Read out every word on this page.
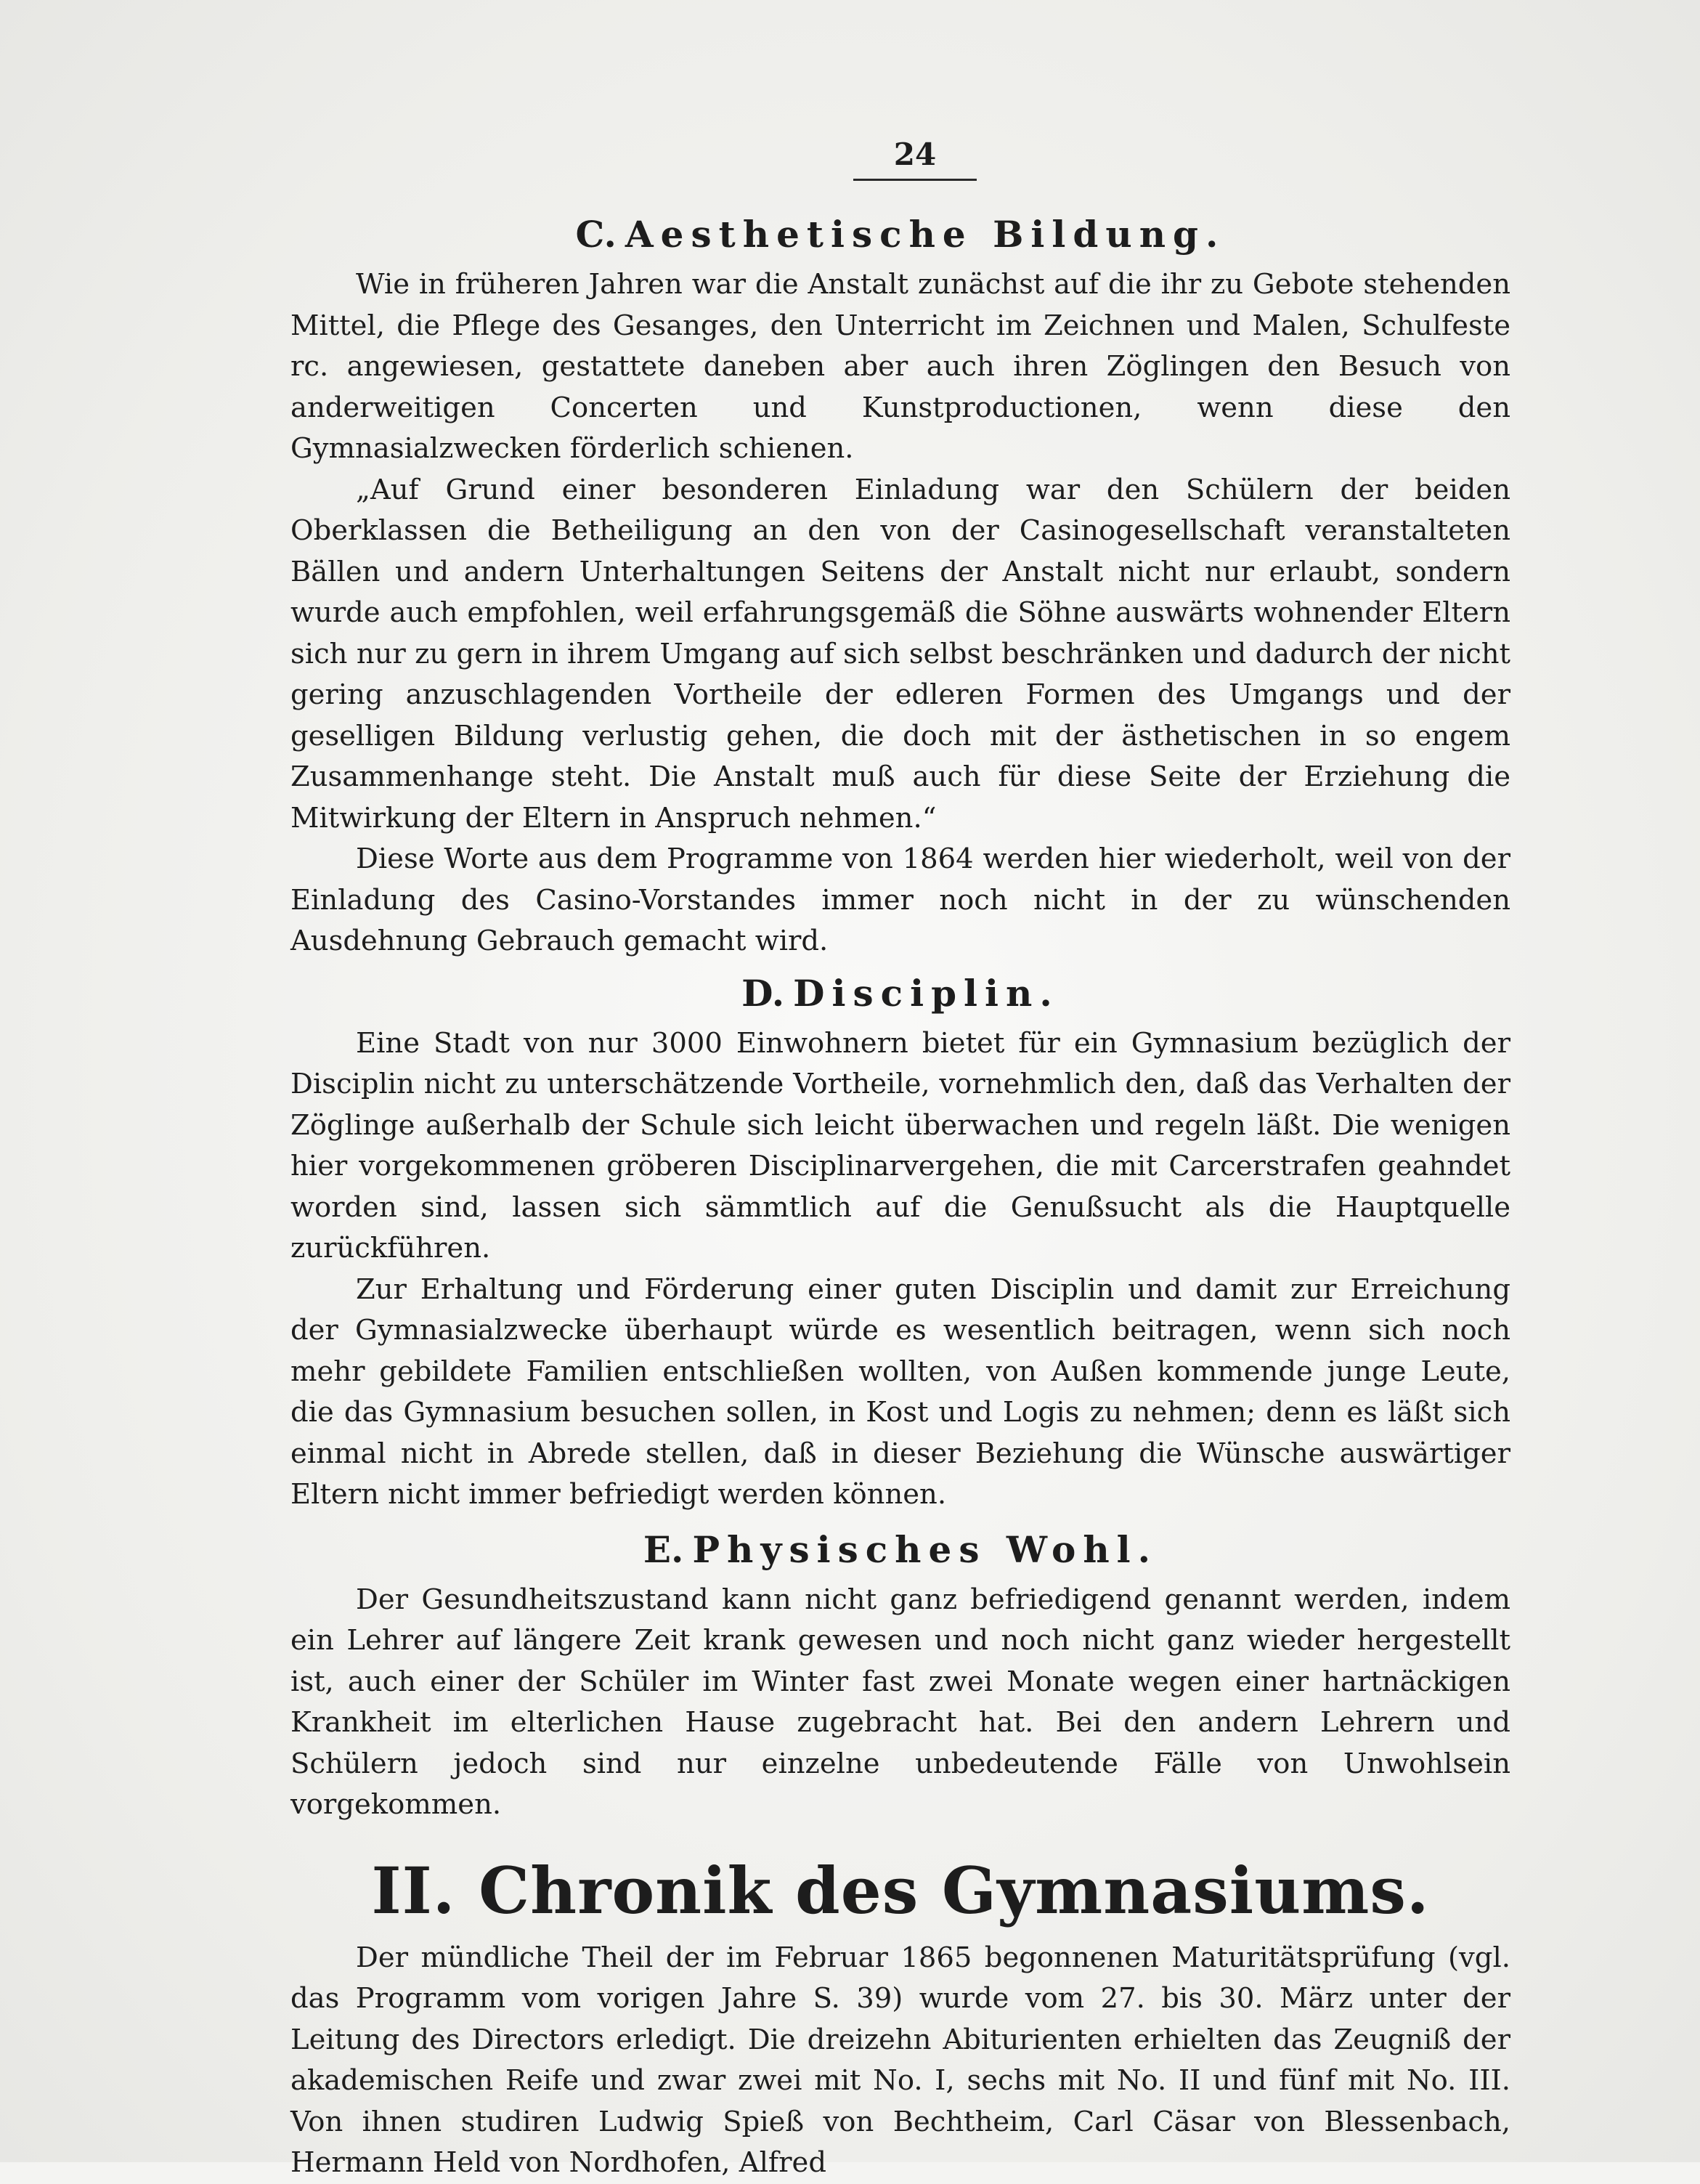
24
C. Aesthetische Bildung.

Wie in früheren Jahren war die Anstalt zunächst auf die ihr zu Gebote stehenden Mittel, die Pflege des Gesanges, den Unterricht im Zeichnen und Malen, Schulfeste rc. angewiesen, gestattete daneben aber auch ihren Zöglingen den Besuch von anderweitigen Concerten und Kunstproductionen, wenn diese den Gymnasialzwecken förderlich schienen.

„Auf Grund einer besonderen Einladung war den Schülern der beiden Oberklassen die Betheiligung an den von der Casinogesellschaft veranstalteten Bällen und andern Unterhaltungen Seitens der Anstalt nicht nur erlaubt, sondern wurde auch empfohlen, weil erfahrungsgemäß die Söhne auswärts wohnender Eltern sich nur zu gern in ihrem Umgang auf sich selbst beschränken und dadurch der nicht gering anzuschlagenden Vortheile der edleren Formen des Umgangs und der geselligen Bildung verlustig gehen, die doch mit der ästhetischen in so engem Zusammenhange steht. Die Anstalt muß auch für diese Seite der Erziehung die Mitwirkung der Eltern in Anspruch nehmen.“

Diese Worte aus dem Programme von 1864 werden hier wiederholt, weil von der Einladung des Casino-Vorstandes immer noch nicht in der zu wünschenden Ausdehnung Gebrauch gemacht wird.

D. Disciplin.

Eine Stadt von nur 3000 Einwohnern bietet für ein Gymnasium bezüglich der Disciplin nicht zu unterschätzende Vortheile, vornehmlich den, daß das Verhalten der Zöglinge außerhalb der Schule sich leicht überwachen und regeln läßt. Die wenigen hier vorgekommenen gröberen Disciplinarvergehen, die mit Carcerstrafen geahndet worden sind, lassen sich sämmtlich auf die Genußsucht als die Hauptquelle zurückführen.

Zur Erhaltung und Förderung einer guten Disciplin und damit zur Erreichung der Gymnasialzwecke überhaupt würde es wesentlich beitragen, wenn sich noch mehr gebildete Familien entschließen wollten, von Außen kommende junge Leute, die das Gymnasium besuchen sollen, in Kost und Logis zu nehmen; denn es läßt sich einmal nicht in Abrede stellen, daß in dieser Beziehung die Wünsche auswärtiger Eltern nicht immer befriedigt werden können.

E. Physisches Wohl.

Der Gesundheitszustand kann nicht ganz befriedigend genannt werden, indem ein Lehrer auf längere Zeit krank gewesen und noch nicht ganz wieder hergestellt ist, auch einer der Schüler im Winter fast zwei Monate wegen einer hartnäckigen Krankheit im elterlichen Hause zugebracht hat. Bei den andern Lehrern und Schülern jedoch sind nur einzelne unbedeutende Fälle von Unwohlsein vorgekommen.

II. Chronik des Gymnasiums.

Der mündliche Theil der im Februar 1865 begonnenen Maturitätsprüfung (vgl. das Programm vom vorigen Jahre S. 39) wurde vom 27. bis 30. März unter der Leitung des Directors erledigt. Die dreizehn Abiturienten erhielten das Zeugniß der akademischen Reife und zwar zwei mit No. I, sechs mit No. II und fünf mit No. III. Von ihnen studiren Ludwig Spieß von Bechtheim, Carl Cäsar von Blessenbach, Hermann Held von Nordhofen, Alfred
